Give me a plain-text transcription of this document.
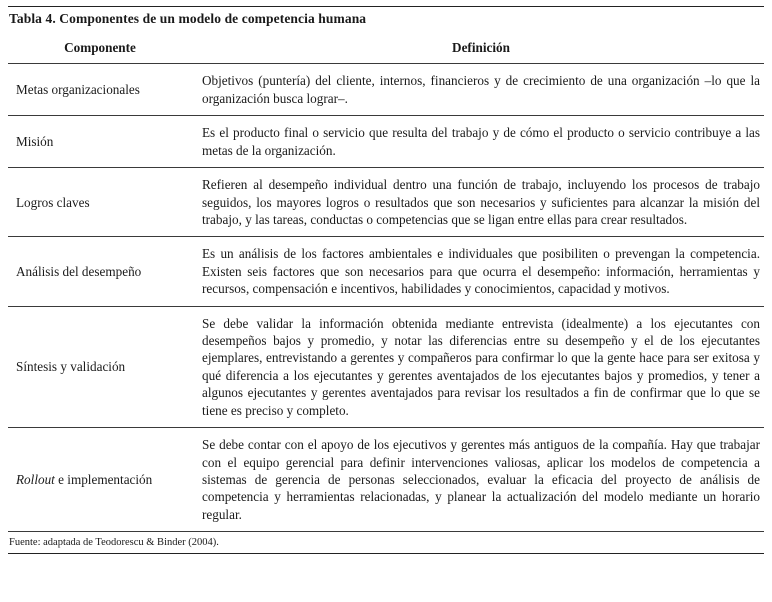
Tabla 4. Componentes de un modelo de competencia humana
Componente	Definición
Metas organizacionales
Objetivos (puntería) del cliente, internos, financieros y de crecimiento de una organización –lo que la organización busca lograr–.
Misión
Es el producto final o servicio que resulta del trabajo y de cómo el producto o servicio contribuye a las metas de la organización.
Logros claves
Refieren al desempeño individual dentro una función de trabajo, incluyendo los procesos de trabajo seguidos, los mayores logros o resultados que son necesarios y suficientes para alcanzar la misión del trabajo, y las tareas, conductas o competencias que se ligan entre ellas para crear resultados.
Análisis del desempeño
Es un análisis de los factores ambientales e individuales que posibiliten o prevengan la competencia. Existen seis factores que son necesarios para que ocurra el desempeño: información, herramientas y recursos, compensación e incentivos, habilidades y conocimientos, capacidad y motivos.
Síntesis y validación
Se debe validar la información obtenida mediante entrevista (idealmente) a los ejecutantes con desempeños bajos y promedio, y notar las diferencias entre su desempeño y el de los ejecutantes ejemplares, entrevistando a gerentes y compañeros para confirmar lo que la gente hace para ser exitosa y qué diferencia a los ejecutantes y gerentes aventajados de los ejecutantes bajos y promedios, y tener a algunos ejecutantes y gerentes aventajados para revisar los resultados a fin de confirmar que lo que se tiene es preciso y completo.
Rollout e implementación
Se debe contar con el apoyo de los ejecutivos y gerentes más antiguos de la compañía. Hay que trabajar con el equipo gerencial para definir intervenciones valiosas, aplicar los modelos de competencia a sistemas de gerencia de personas seleccionados, evaluar la eficacia del proyecto de análisis de competencia y herramientas relacionadas, y planear la actualización del modelo mediante un horario regular.
Fuente: adaptada de Teodorescu & Binder (2004).
